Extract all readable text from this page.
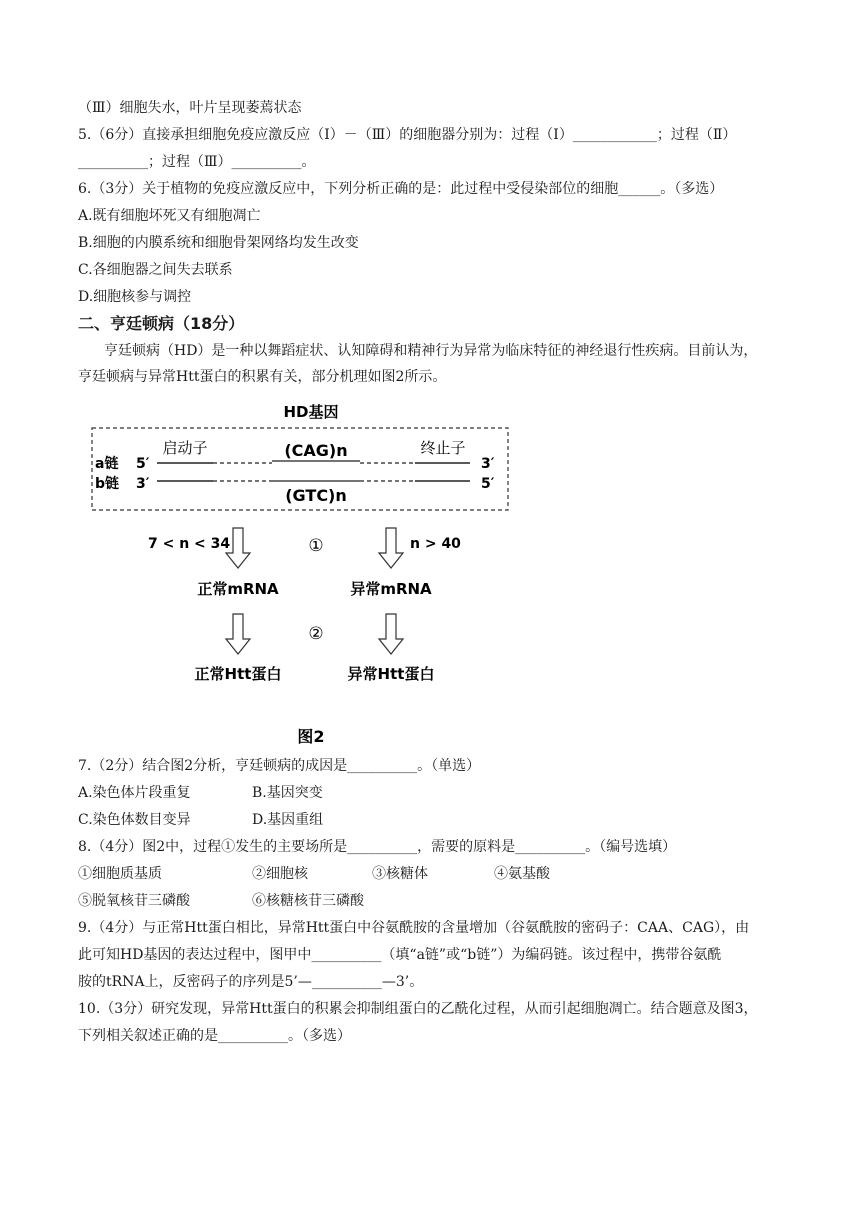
（Ⅲ）细胞失水，叶片呈现萎蔫状态
5.（6分）直接承担细胞免疫应激反应（Ⅰ）－（Ⅲ）的细胞器分别为：过程（Ⅰ）____________；过程（Ⅱ）
__________；过程（Ⅲ）__________。
6.（3分）关于植物的免疫应激反应中，下列分析正确的是：此过程中受侵染部位的细胞______。（多选）
A.既有细胞坏死又有细胞凋亡
B.细胞的内膜系统和细胞骨架网络均发生改变
C.各细胞器之间失去联系
D.细胞核参与调控
二、亨廷顿病（18分）
亨廷顿病（HD）是一种以舞蹈症状、认知障碍和精神行为异常为临床特征的神经退行性疾病。目前认为，
亨廷顿病与异常Htt蛋白的积累有关，部分机理如图2所示。
HD基因
启动子	终止子
(CAG)n
a链
b链
5′
3′
3′
5′
(GTC)n
7 < n < 34	①	n > 40
正常mRNA	异常mRNA
②
正常Htt蛋白	异常Htt蛋白
图2
7.（2分）结合图2分析，亨廷顿病的成因是__________。（单选）
A.染色体片段重复	B.基因突变
C.染色体数目变异	D.基因重组
8.（4分）图2中，过程①发生的主要场所是__________，需要的原料是__________。（编号选填）
①细胞质基质	②细胞核	③核糖体	④氨基酸
⑤脱氧核苷三磷酸	⑥核糖核苷三磷酸
9.（4分）与正常Htt蛋白相比，异常Htt蛋白中谷氨酰胺的含量增加（谷氨酰胺的密码子：CAA、CAG），由
此可知HD基因的表达过程中，图甲中__________（填“a链”或“b链”）为编码链。该过程中，携带谷氨酰
胺的tRNA上，反密码子的序列是5’—__________—3’。
10.（3分）研究发现，异常Htt蛋白的积累会抑制组蛋白的乙酰化过程，从而引起细胞凋亡。结合题意及图3，
下列相关叙述正确的是__________。（多选）
